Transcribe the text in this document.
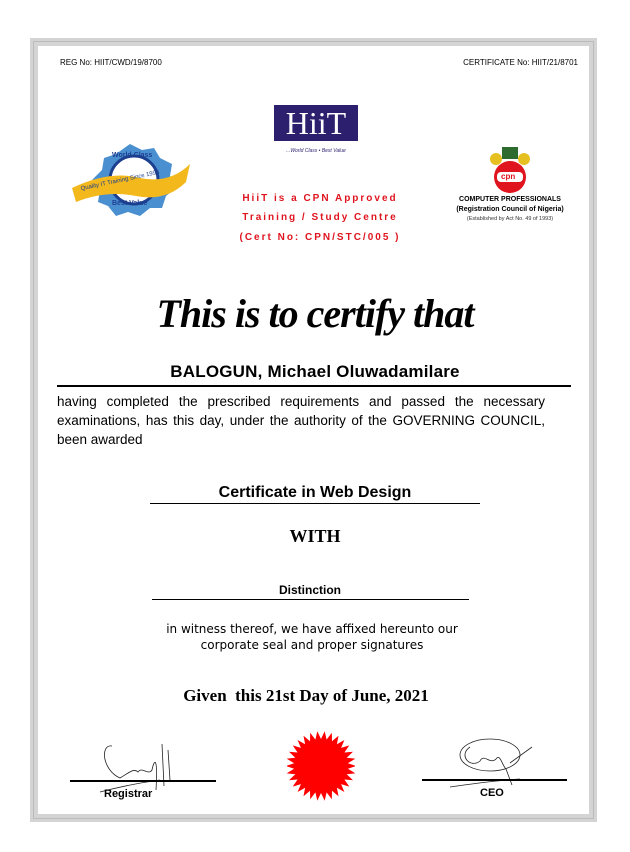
REG No: HIIT/CWD/19/8700	CERTIFICATE No: HIIT/21/8701
HiiT
...World Class • Best Value
World Class
Quality IT Training Since 1996
Best Value	HiiT is a CPN Approved
Training / Study Centre
(Cert No: CPN/STC/005 )
cpn
COMPUTER PROFESSIONALS
(Registration Council of Nigeria)
(Established by Act No. 49 of 1993)
This is to certify that
BALOGUN, Michael Oluwadamilare
having completed the prescribed requirements and passed the necessary examinations, has this day, under the authority of the GOVERNING COUNCIL, been awarded
Certificate in Web Design
WITH
Distinction
in witness thereof, we have affixed hereunto our
corporate seal and proper signatures
Given  this 21st Day of June, 2021
Registrar	CEO
